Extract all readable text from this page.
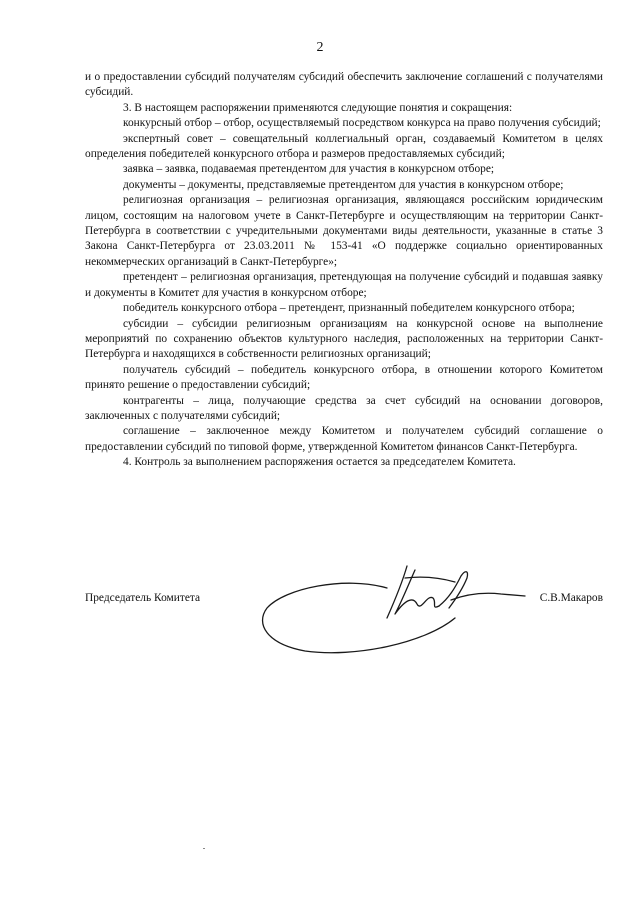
2

и о предоставлении субсидий получателям субсидий обеспечить заключение соглашений с получателями субсидий.

3. В настоящем распоряжении применяются следующие понятия и сокращения:

конкурсный отбор – отбор, осуществляемый посредством конкурса на право получения субсидий;

экспертный совет – совещательный коллегиальный орган, создаваемый Комитетом в целях определения победителей конкурсного отбора и размеров предоставляемых субсидий;

заявка – заявка, подаваемая претендентом для участия в конкурсном отборе;

документы – документы, представляемые претендентом для участия в конкурсном отборе;

религиозная организация – религиозная организация, являющаяся российским юридическим лицом, состоящим на налоговом учете в Санкт-Петербурге и осуществляющим на территории Санкт-Петербурга в соответствии с учредительными документами виды деятельности, указанные в статье 3 Закона Санкт-Петербурга от 23.03.2011 № 153-41 «О поддержке социально ориентированных некоммерческих организаций в Санкт-Петербурге»;

претендент – религиозная организация, претендующая на получение субсидий и подавшая заявку и документы в Комитет для участия в конкурсном отборе;

победитель конкурсного отбора – претендент, признанный победителем конкурсного отбора;

субсидии – субсидии религиозным организациям на конкурсной основе на выполнение мероприятий по сохранению объектов культурного наследия, расположенных на территории Санкт-Петербурга и находящихся в собственности религиозных организаций;

получатель субсидий – победитель конкурсного отбора, в отношении которого Комитетом принято решение о предоставлении субсидий;

контрагенты – лица, получающие средства за счет субсидий на основании договоров, заключенных с получателями субсидий;

соглашение – заключенное между Комитетом и получателем субсидий соглашение о предоставлении субсидий по типовой форме, утвержденной Комитетом финансов Санкт-Петербурга.

4. Контроль за выполнением распоряжения остается за председателем Комитета.

Председатель Комитета	С.В.Макаров
